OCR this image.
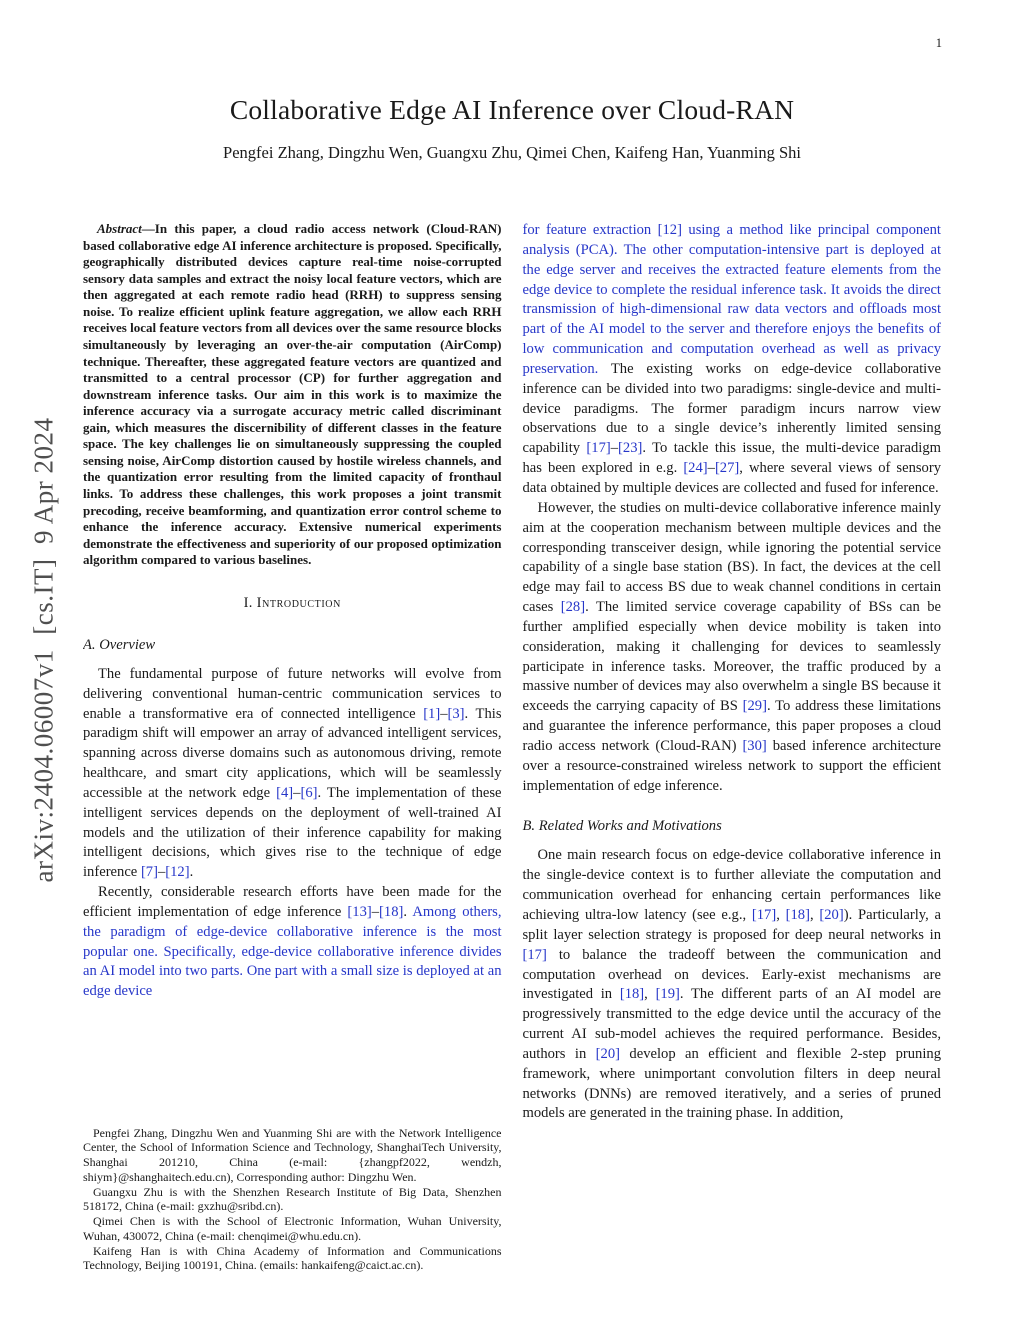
1
arXiv:2404.06007v1  [cs.IT]  9 Apr 2024
Collaborative Edge AI Inference over Cloud-RAN
Pengfei Zhang, Dingzhu Wen, Guangxu Zhu, Qimei Chen, Kaifeng Han, Yuanming Shi

Abstract—In this paper, a cloud radio access network (Cloud-RAN) based collaborative edge AI inference architecture is proposed. Specifically, geographically distributed devices capture real-time noise-corrupted sensory data samples and extract the noisy local feature vectors, which are then aggregated at each remote radio head (RRH) to suppress sensing noise. To realize efficient uplink feature aggregation, we allow each RRH receives local feature vectors from all devices over the same resource blocks simultaneously by leveraging an over-the-air computation (AirComp) technique. Thereafter, these aggregated feature vectors are quantized and transmitted to a central processor (CP) for further aggregation and downstream inference tasks. Our aim in this work is to maximize the inference accuracy via a surrogate accuracy metric called discriminant gain, which measures the discernibility of different classes in the feature space. The key challenges lie on simultaneously suppressing the coupled sensing noise, AirComp distortion caused by hostile wireless channels, and the quantization error resulting from the limited capacity of fronthaul links. To address these challenges, this work proposes a joint transmit precoding, receive beamforming, and quantization error control scheme to enhance the inference accuracy. Extensive numerical experiments demonstrate the effectiveness and superiority of our proposed optimization algorithm compared to various baselines.

I. Introduction
A. Overview

The fundamental purpose of future networks will evolve from delivering conventional human-centric communication services to enable a transformative era of connected intelligence [1]–[3]. This paradigm shift will empower an array of advanced intelligent services, spanning across diverse domains such as autonomous driving, remote healthcare, and smart city applications, which will be seamlessly accessible at the network edge [4]–[6]. The implementation of these intelligent services depends on the deployment of well-trained AI models and the utilization of their inference capability for making intelligent decisions, which gives rise to the technique of edge inference [7]–[12].

Recently, considerable research efforts have been made for the efficient implementation of edge inference [13]–[18]. Among others, the paradigm of edge-device collaborative inference is the most popular one. Specifically, edge-device collaborative inference divides an AI model into two parts. One part with a small size is deployed at an edge device

Pengfei Zhang, Dingzhu Wen and Yuanming Shi are with the Network Intelligence Center, the School of Information Science and Technology, ShanghaiTech University, Shanghai 201210, China (e-mail: {zhangpf2022, wendzh, shiym}@shanghaitech.edu.cn), Corresponding author: Dingzhu Wen.

Guangxu Zhu is with the Shenzhen Research Institute of Big Data, Shenzhen 518172, China (e-mail: gxzhu@sribd.cn).

Qimei Chen is with the School of Electronic Information, Wuhan University, Wuhan, 430072, China (e-mail: chenqimei@whu.edu.cn).

Kaifeng Han is with China Academy of Information and Communications Technology, Beijing 100191, China. (emails: hankaifeng@caict.ac.cn).

for feature extraction [12] using a method like principal component analysis (PCA). The other computation-intensive part is deployed at the edge server and receives the extracted feature elements from the edge device to complete the residual inference task. It avoids the direct transmission of high-dimensional raw data vectors and offloads most part of the AI model to the server and therefore enjoys the benefits of low communication and computation overhead as well as privacy preservation. The existing works on edge-device collaborative inference can be divided into two paradigms: single-device and multi-device paradigms. The former paradigm incurs narrow view observations due to a single device’s inherently limited sensing capability [17]–[23]. To tackle this issue, the multi-device paradigm has been explored in e.g. [24]–[27], where several views of sensory data obtained by multiple devices are collected and fused for inference.

However, the studies on multi-device collaborative inference mainly aim at the cooperation mechanism between multiple devices and the corresponding transceiver design, while ignoring the potential service capability of a single base station (BS). In fact, the devices at the cell edge may fail to access BS due to weak channel conditions in certain cases [28]. The limited service coverage capability of BSs can be further amplified especially when device mobility is taken into consideration, making it challenging for devices to seamlessly participate in inference tasks. Moreover, the traffic produced by a massive number of devices may also overwhelm a single BS because it exceeds the carrying capacity of BS [29]. To address these limitations and guarantee the inference performance, this paper proposes a cloud radio access network (Cloud-RAN) [30] based inference architecture over a resource-constrained wireless network to support the efficient implementation of edge inference.

B. Related Works and Motivations

One main research focus on edge-device collaborative inference in the single-device context is to further alleviate the computation and communication overhead for enhancing certain performances like achieving ultra-low latency (see e.g., [17], [18], [20]). Particularly, a split layer selection strategy is proposed for deep neural networks in [17] to balance the tradeoff between the communication and computation overhead on devices. Early-exist mechanisms are investigated in [18], [19]. The different parts of an AI model are progressively transmitted to the edge device until the accuracy of the current AI sub-model achieves the required performance. Besides, authors in [20] develop an efficient and flexible 2-step pruning framework, where unimportant convolution filters in deep neural networks (DNNs) are removed iteratively, and a series of pruned models are generated in the training phase. In addition,
